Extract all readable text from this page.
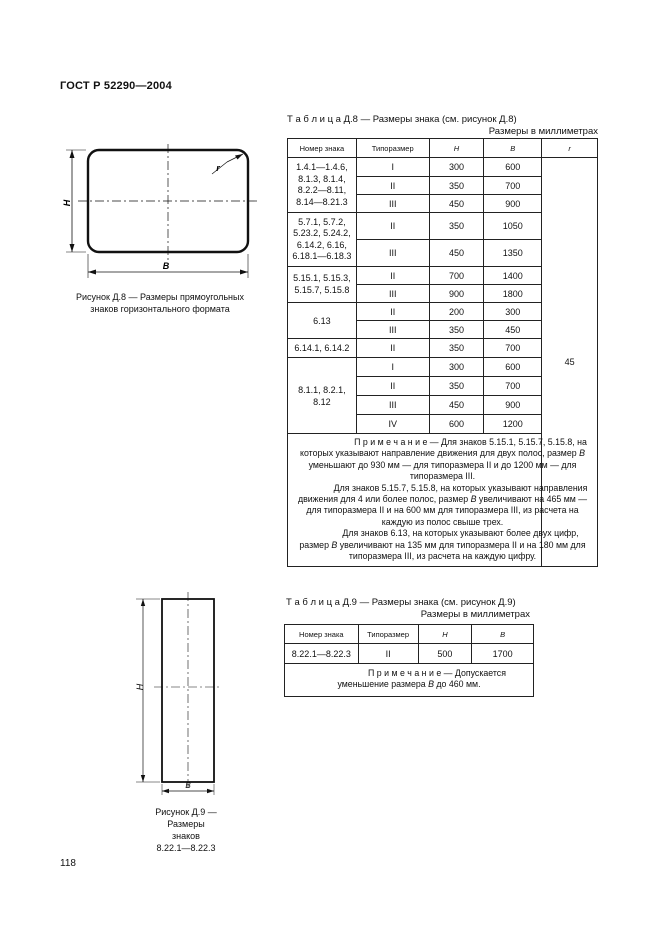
ГОСТ Р 52290—2004
H
B
r
Рисунок Д.8 — Размеры прямоугольных
знаков горизонтального формата
Т а б л и ц а Д.8 — Размеры знака (см. рисунок Д.8)
Размеры в миллиметрах
Номер знака	Типоразмер	H	B	r

1.4.1—1.4.6,
8.1.3, 8.1.4,
8.2.2—8.11,
8.14—8.21.3	I	300	600	45
	II	350	700	
	III	450	900	

5.7.1, 5.7.2,
5.23.2, 5.24.2,
6.14.2, 6.16,
6.18.1—6.18.3	II	350	1050	
	III	450	1350	

5.15.1, 5.15.3,
5.15.7, 5.15.8	II	700	1400	
	III	900	1800	

6.13	II	200	300	
	III	350	450	

6.14.1, 6.14.2	II	350	700	

8.1.1, 8.2.1,
8.12	I	300	600	
	II	350	700	
	III	450	900	
	IV	600	1200	

П р и м е ч а н и е — Для знаков 5.15.1, 5.15.7, 5.15.8, на которых указывают направление движения для двух полос, размер B уменьшают до 930 мм — для типоразмера II и до 1200 мм — для типоразмера III.

Для знаков 5.15.7, 5.15.8, на которых указывают направления движения для 4 или более полос, размер B увеличивают на 465 мм — для типоразмера II и на 600 мм для типоразмера III, из расчета на каждую из полос свыше трех.

Для знаков 6.13, на которых указывают более двух цифр, размер B увеличивают на 135 мм для типоразмера II и на 180 мм для типоразмера III, из расчета на каждую цифру.				

H
B
Рисунок Д.9 —
Размеры
знаков
8.22.1—8.22.3
Т а б л и ц а Д.9 — Размеры знака (см. рисунок Д.9)
Размеры в миллиметрах
Номер знака	Типоразмер	H	B
8.22.1—8.22.3	II	500	1700

П р и м е ч а н и е — Допускается уменьшение размера B до 460 мм.			

118
